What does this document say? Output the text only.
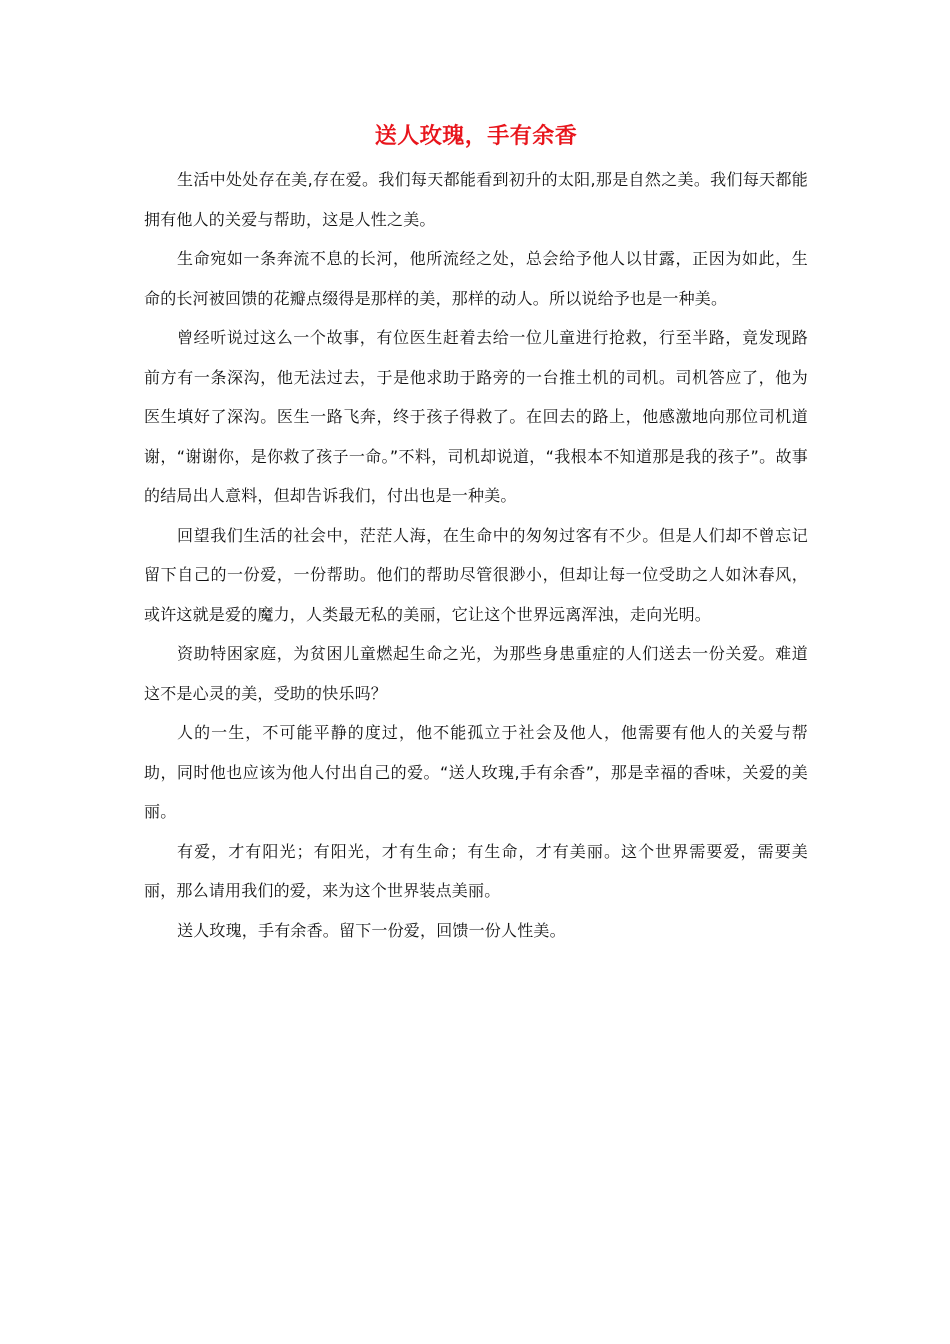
送人玫瑰，手有余香

生活中处处存在美,存在爱。我们每天都能看到初升的太阳,那是自然之美。我们每天都能拥有他人的关爱与帮助，这是人性之美。

生命宛如一条奔流不息的长河，他所流经之处，总会给予他人以甘露，正因为如此，生命的长河被回馈的花瓣点缀得是那样的美，那样的动人。所以说给予也是一种美。

曾经听说过这么一个故事，有位医生赶着去给一位儿童进行抢救，行至半路，竟发现路前方有一条深沟，他无法过去，于是他求助于路旁的一台推土机的司机。司机答应了，他为医生填好了深沟。医生一路飞奔，终于孩子得救了。在回去的路上，他感激地向那位司机道谢，“谢谢你，是你救了孩子一命。”不料，司机却说道，“我根本不知道那是我的孩子”。故事的结局出人意料，但却告诉我们，付出也是一种美。

回望我们生活的社会中，茫茫人海，在生命中的匆匆过客有不少。但是人们却不曾忘记留下自己的一份爱，一份帮助。他们的帮助尽管很渺小，但却让每一位受助之人如沐春风，或许这就是爱的魔力，人类最无私的美丽，它让这个世界远离浑浊，走向光明。

资助特困家庭，为贫困儿童燃起生命之光，为那些身患重症的人们送去一份关爱。难道这不是心灵的美，受助的快乐吗？

人的一生，不可能平静的度过，他不能孤立于社会及他人，他需要有他人的关爱与帮助，同时他也应该为他人付出自己的爱。“送人玫瑰,手有余香”，那是幸福的香味，关爱的美丽。

有爱，才有阳光；有阳光，才有生命；有生命，才有美丽。这个世界需要爱，需要美丽，那么请用我们的爱，来为这个世界装点美丽。

送人玫瑰，手有余香。留下一份爱，回馈一份人性美。
